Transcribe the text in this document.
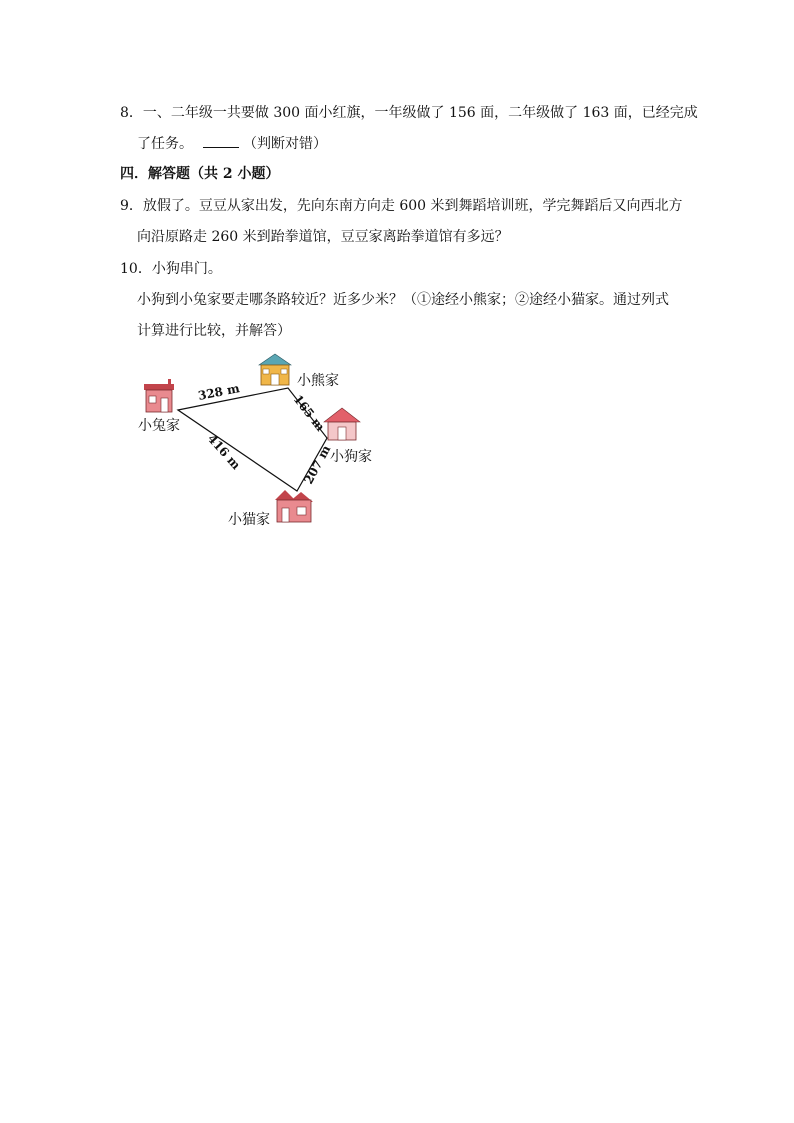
8．一、二年级一共要做 300 面小红旗，一年级做了 156 面，二年级做了 163 面，已经完成
了任务。	（判断对错）
四．解答题（共 2 小题）
9．放假了。豆豆从家出发，先向东南方向走 600 米到舞蹈培训班，学完舞蹈后又向西北方
向沿原路走 260 米到跆拳道馆，豆豆家离跆拳道馆有多远？
10．小狗串门。
小狗到小兔家要走哪条路较近？近多少米？（①途经小熊家；②途经小猫家。通过列式
计算进行比较，并解答）
小兔家
小熊家
小狗家
小猫家
328 m
165 m
207 m
416 m
